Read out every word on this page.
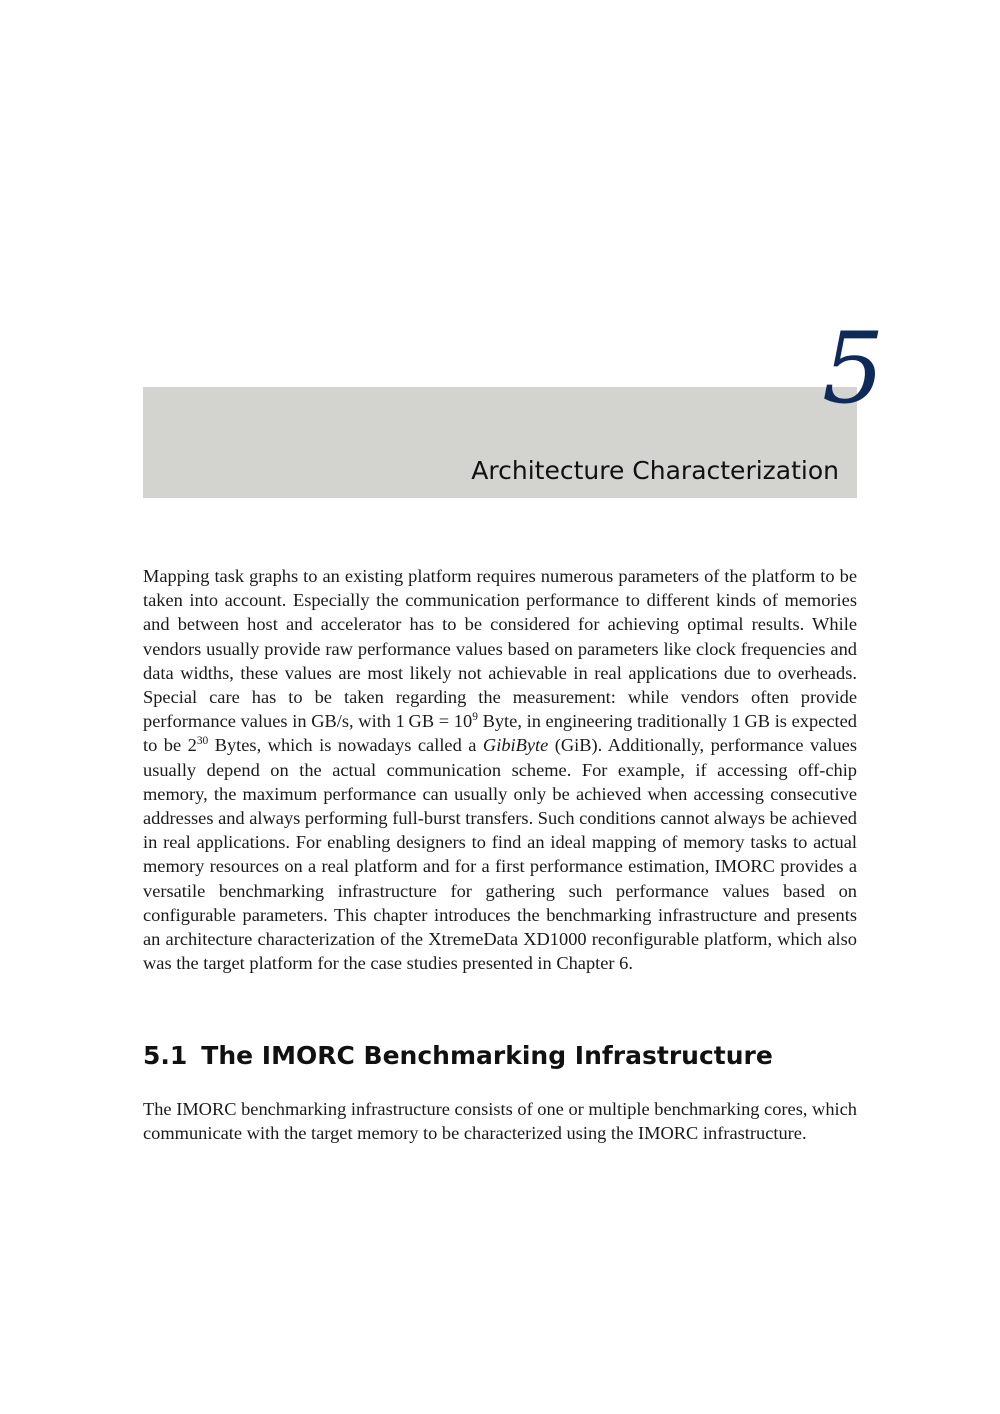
5
Architecture Characterization

Mapping task graphs to an existing platform requires numerous parameters of the platform to be taken into account. Especially the communication performance to different kinds of memories and between host and accelerator has to be considered for achieving optimal results. While vendors usually provide raw performance values based on parameters like clock frequencies and data widths, these values are most likely not achievable in real applications due to overheads. Special care has to be taken regarding the measurement: while vendors often provide performance values in GB/s, with 1 GB = $10^9$ Byte, in engineering traditionally 1 GB is expected to be $2^{30}$ Bytes, which is nowadays called a GibiByte (GiB). Additionally, performance values usually depend on the actual communication scheme. For example, if accessing off-chip memory, the maximum performance can usually only be achieved when accessing consecutive addresses and always performing full-burst transfers. Such conditions cannot always be achieved in real applications. For enabling designers to find an ideal mapping of memory tasks to actual memory resources on a real platform and for a first performance estimation, IMORC provides a versatile benchmarking infrastructure for gathering such performance values based on configurable parameters. This chapter introduces the benchmarking infrastructure and presents an architecture characterization of the XtremeData XD1000 reconfigurable platform, which also was the target platform for the case studies presented in Chapter 6.

5.1 The IMORC Benchmarking Infrastructure

The IMORC benchmarking infrastructure consists of one or multiple benchmarking cores, which communicate with the target memory to be characterized using the IMORC infrastructure.
